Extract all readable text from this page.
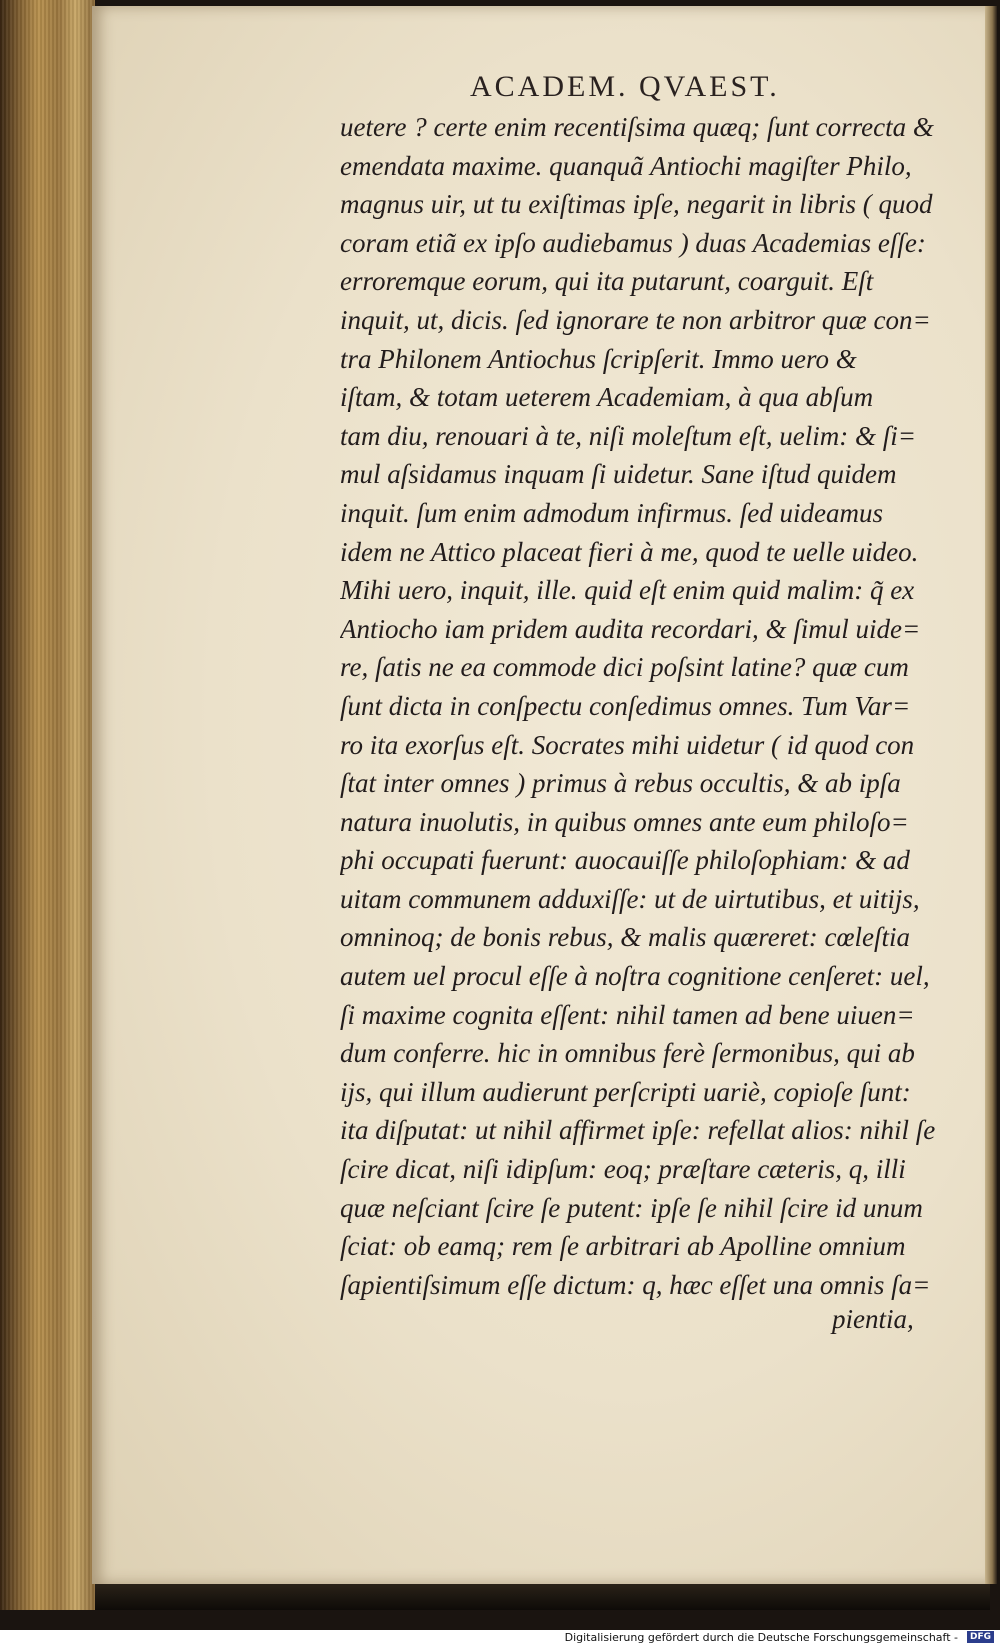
ACADEM. QVAEST.
uetere ? certe enim recentiſsima quæq; ſunt correcta &
emendata maxime. quanquã Antiochi magiſter Philo,
magnus uir, ut tu exiſtimas ipſe, negarit in libris ( quod
coram etiã ex ipſo audiebamus ) duas Academias eſſe:
erroremque eorum, qui ita putarunt, coarguit. Eſt
inquit, ut, dicis. ſed ignorare te non arbitror quæ con=
tra Philonem Antiochus ſcripſerit. Immo uero &
iſtam, & totam ueterem Academiam, à qua abſum
tam diu, renouari à te, niſi moleſtum eſt, uelim: & ſi=
mul aſsidamus inquam ſi uidetur. Sane iſtud quidem
inquit. ſum enim admodum infirmus. ſed uideamus
idem ne Attico placeat fieri à me, quod te uelle uideo.
Mihi uero, inquit, ille. quid eſt enim quid malim: q̃ ex
Antiocho iam pridem audita recordari, & ſimul uide=
re, ſatis ne ea commode dici poſsint latine? quæ cum
ſunt dicta in conſpectu conſedimus omnes. Tum Var=
ro ita exorſus eſt. Socrates mihi uidetur ( id quod con
ſtat inter omnes ) primus à rebus occultis, & ab ipſa
natura inuolutis, in quibus omnes ante eum philoſo=
phi occupati fuerunt: auocauiſſe philoſophiam: & ad
uitam communem adduxiſſe: ut de uirtutibus, et uitijs,
omninoq; de bonis rebus, & malis quæreret: cœleſtia
autem uel procul eſſe à noſtra cognitione cenſeret: uel,
ſi maxime cognita eſſent: nihil tamen ad bene uiuen=
dum conferre. hic in omnibus ferè ſermonibus, qui ab
ijs, qui illum audierunt perſcripti uariè, copioſe ſunt:
ita diſputat: ut nihil affirmet ipſe: refellat alios: nihil ſe
ſcire dicat, niſi idipſum: eoq; præſtare cæteris, q, illi
quæ neſciant ſcire ſe putent: ipſe ſe nihil ſcire id unum
ſciat: ob eamq; rem ſe arbitrari ab Apolline omnium
ſapientiſsimum eſſe dictum: q, hæc eſſet una omnis ſa=
pientia,
Digitalisierung gefördert durch die Deutsche Forschungsgemeinschaft -	DFG
